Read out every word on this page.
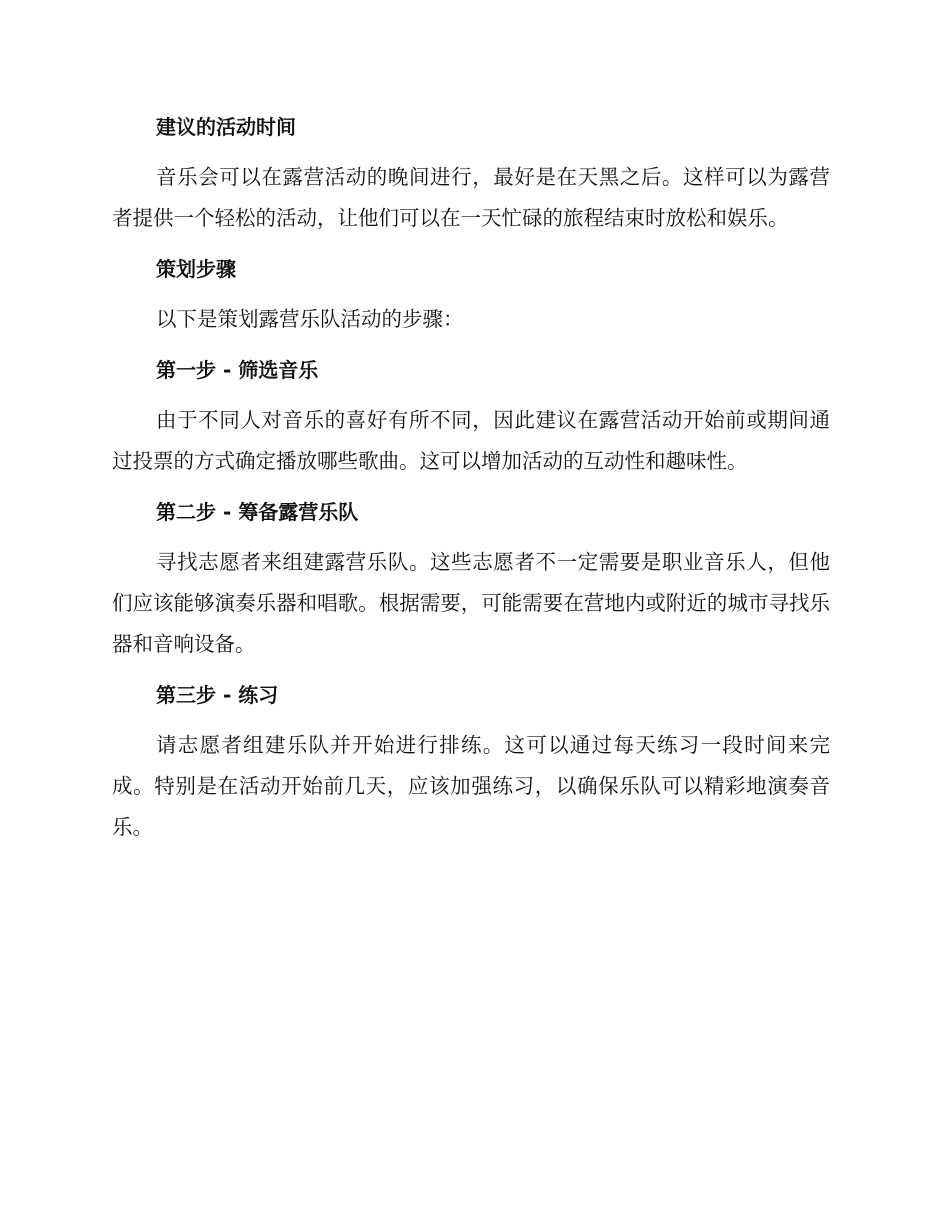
建议的活动时间

音乐会可以在露营活动的晚间进行，最好是在天黑之后。这样可以为露营者提供一个轻松的活动，让他们可以在一天忙碌的旅程结束时放松和娱乐。

策划步骤

以下是策划露营乐队活动的步骤：

第一步 - 筛选音乐

由于不同人对音乐的喜好有所不同，因此建议在露营活动开始前或期间通过投票的方式确定播放哪些歌曲。这可以增加活动的互动性和趣味性。

第二步 - 筹备露营乐队

寻找志愿者来组建露营乐队。这些志愿者不一定需要是职业音乐人，但他们应该能够演奏乐器和唱歌。根据需要，可能需要在营地内或附近的城市寻找乐器和音响设备。

第三步 - 练习

请志愿者组建乐队并开始进行排练。这可以通过每天练习一段时间来完成。特别是在活动开始前几天，应该加强练习，以确保乐队可以精彩地演奏音乐。
